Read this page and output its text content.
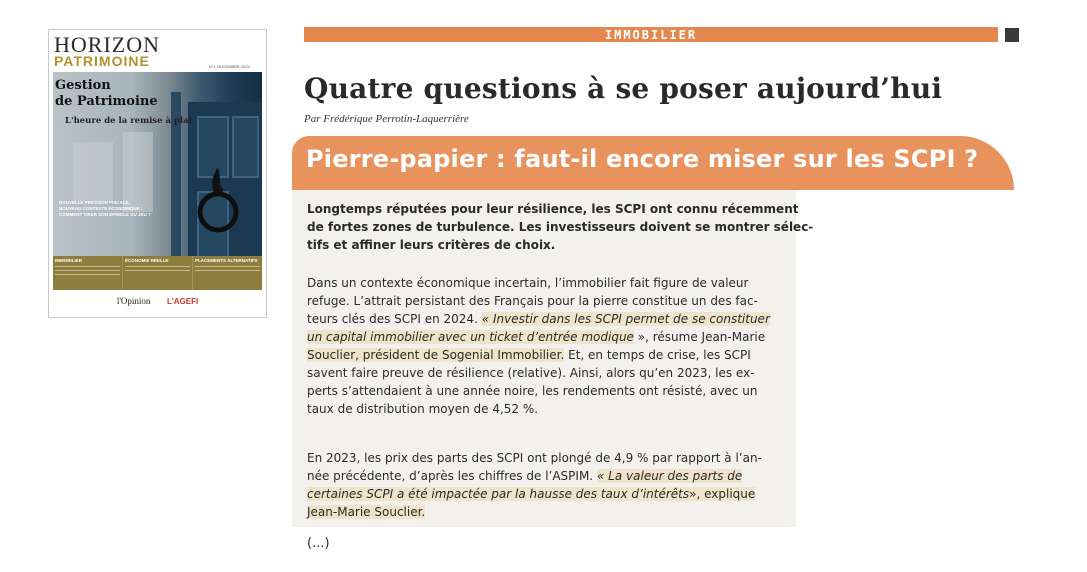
HORIZON
PATRIMOINE	N°1 NOVEMBRE 2024
Gestion
de Patrimoine
L'heure de la remise à plat
NOUVELLE PRESSION FISCALE,
NOUVEAU CONTEXTE ÉCONOMIQUE :
COMMENT TIRER SON ÉPINGLE DU JEU ?
IMMOBILIER	ÉCONOMIE RÉELLE	PLACEMENTS ALTERNATIFS
l'Opinion L'AGEFI
IMMOBILIER
Quatre questions à se poser aujourd’hui
Par Frédérique Perrotin-Laquerrière
Pierre-papier : faut-il encore miser sur les SCPI ?
Longtemps réputées pour leur résilience, les SCPI ont connu récemment
de fortes zones de turbulence. Les investisseurs doivent se montrer sélec-
tifs et affiner leurs critères de choix.
Dans un contexte économique incertain, l’immobilier fait figure de valeur
refuge. L’attrait persistant des Français pour la pierre constitue un des fac-
teurs clés des SCPI en 2024. « Investir dans les SCPI permet de se constituer
un capital immobilier avec un ticket d’entrée modique », résume Jean-Marie
Souclier, président de Sogenial Immobilier. Et, en temps de crise, les SCPI
savent faire preuve de résilience (relative). Ainsi, alors qu’en 2023, les ex-
perts s’attendaient à une année noire, les rendements ont résisté, avec un
taux de distribution moyen de 4,52 %.
En 2023, les prix des parts des SCPI ont plongé de 4,9 % par rapport à l’an-
née précédente, d’après les chiffres de l’ASPIM. « La valeur des parts de
certaines SCPI a été impactée par la hausse des taux d’intérêts», explique
Jean-Marie Souclier.
(...)
